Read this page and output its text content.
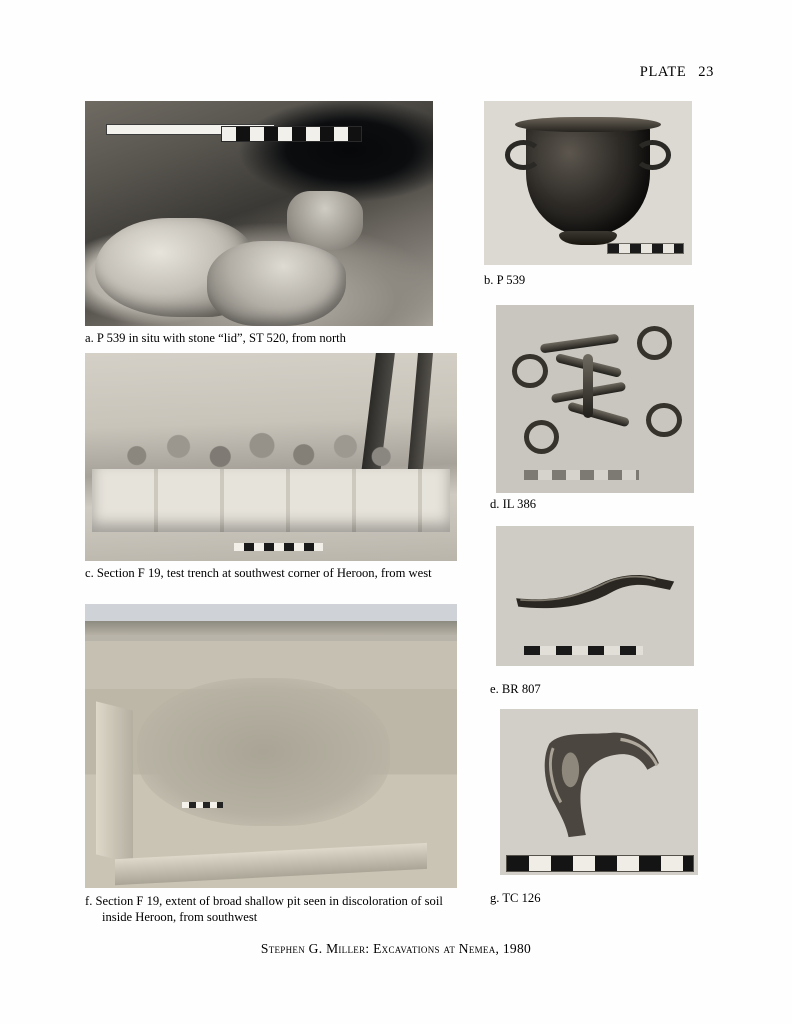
PLATE 23
a. P 539 in situ with stone “lid”, ST 520, from north
b. P 539
d. IL 386
c. Section F 19, test trench at southwest corner of Heroon, from west
e. BR 807
f. Section F 19, extent of broad shallow pit seen in discoloration of soil
inside Heroon, from southwest
g. TC 126
Stephen G. Miller: Excavations at Nemea, 1980
